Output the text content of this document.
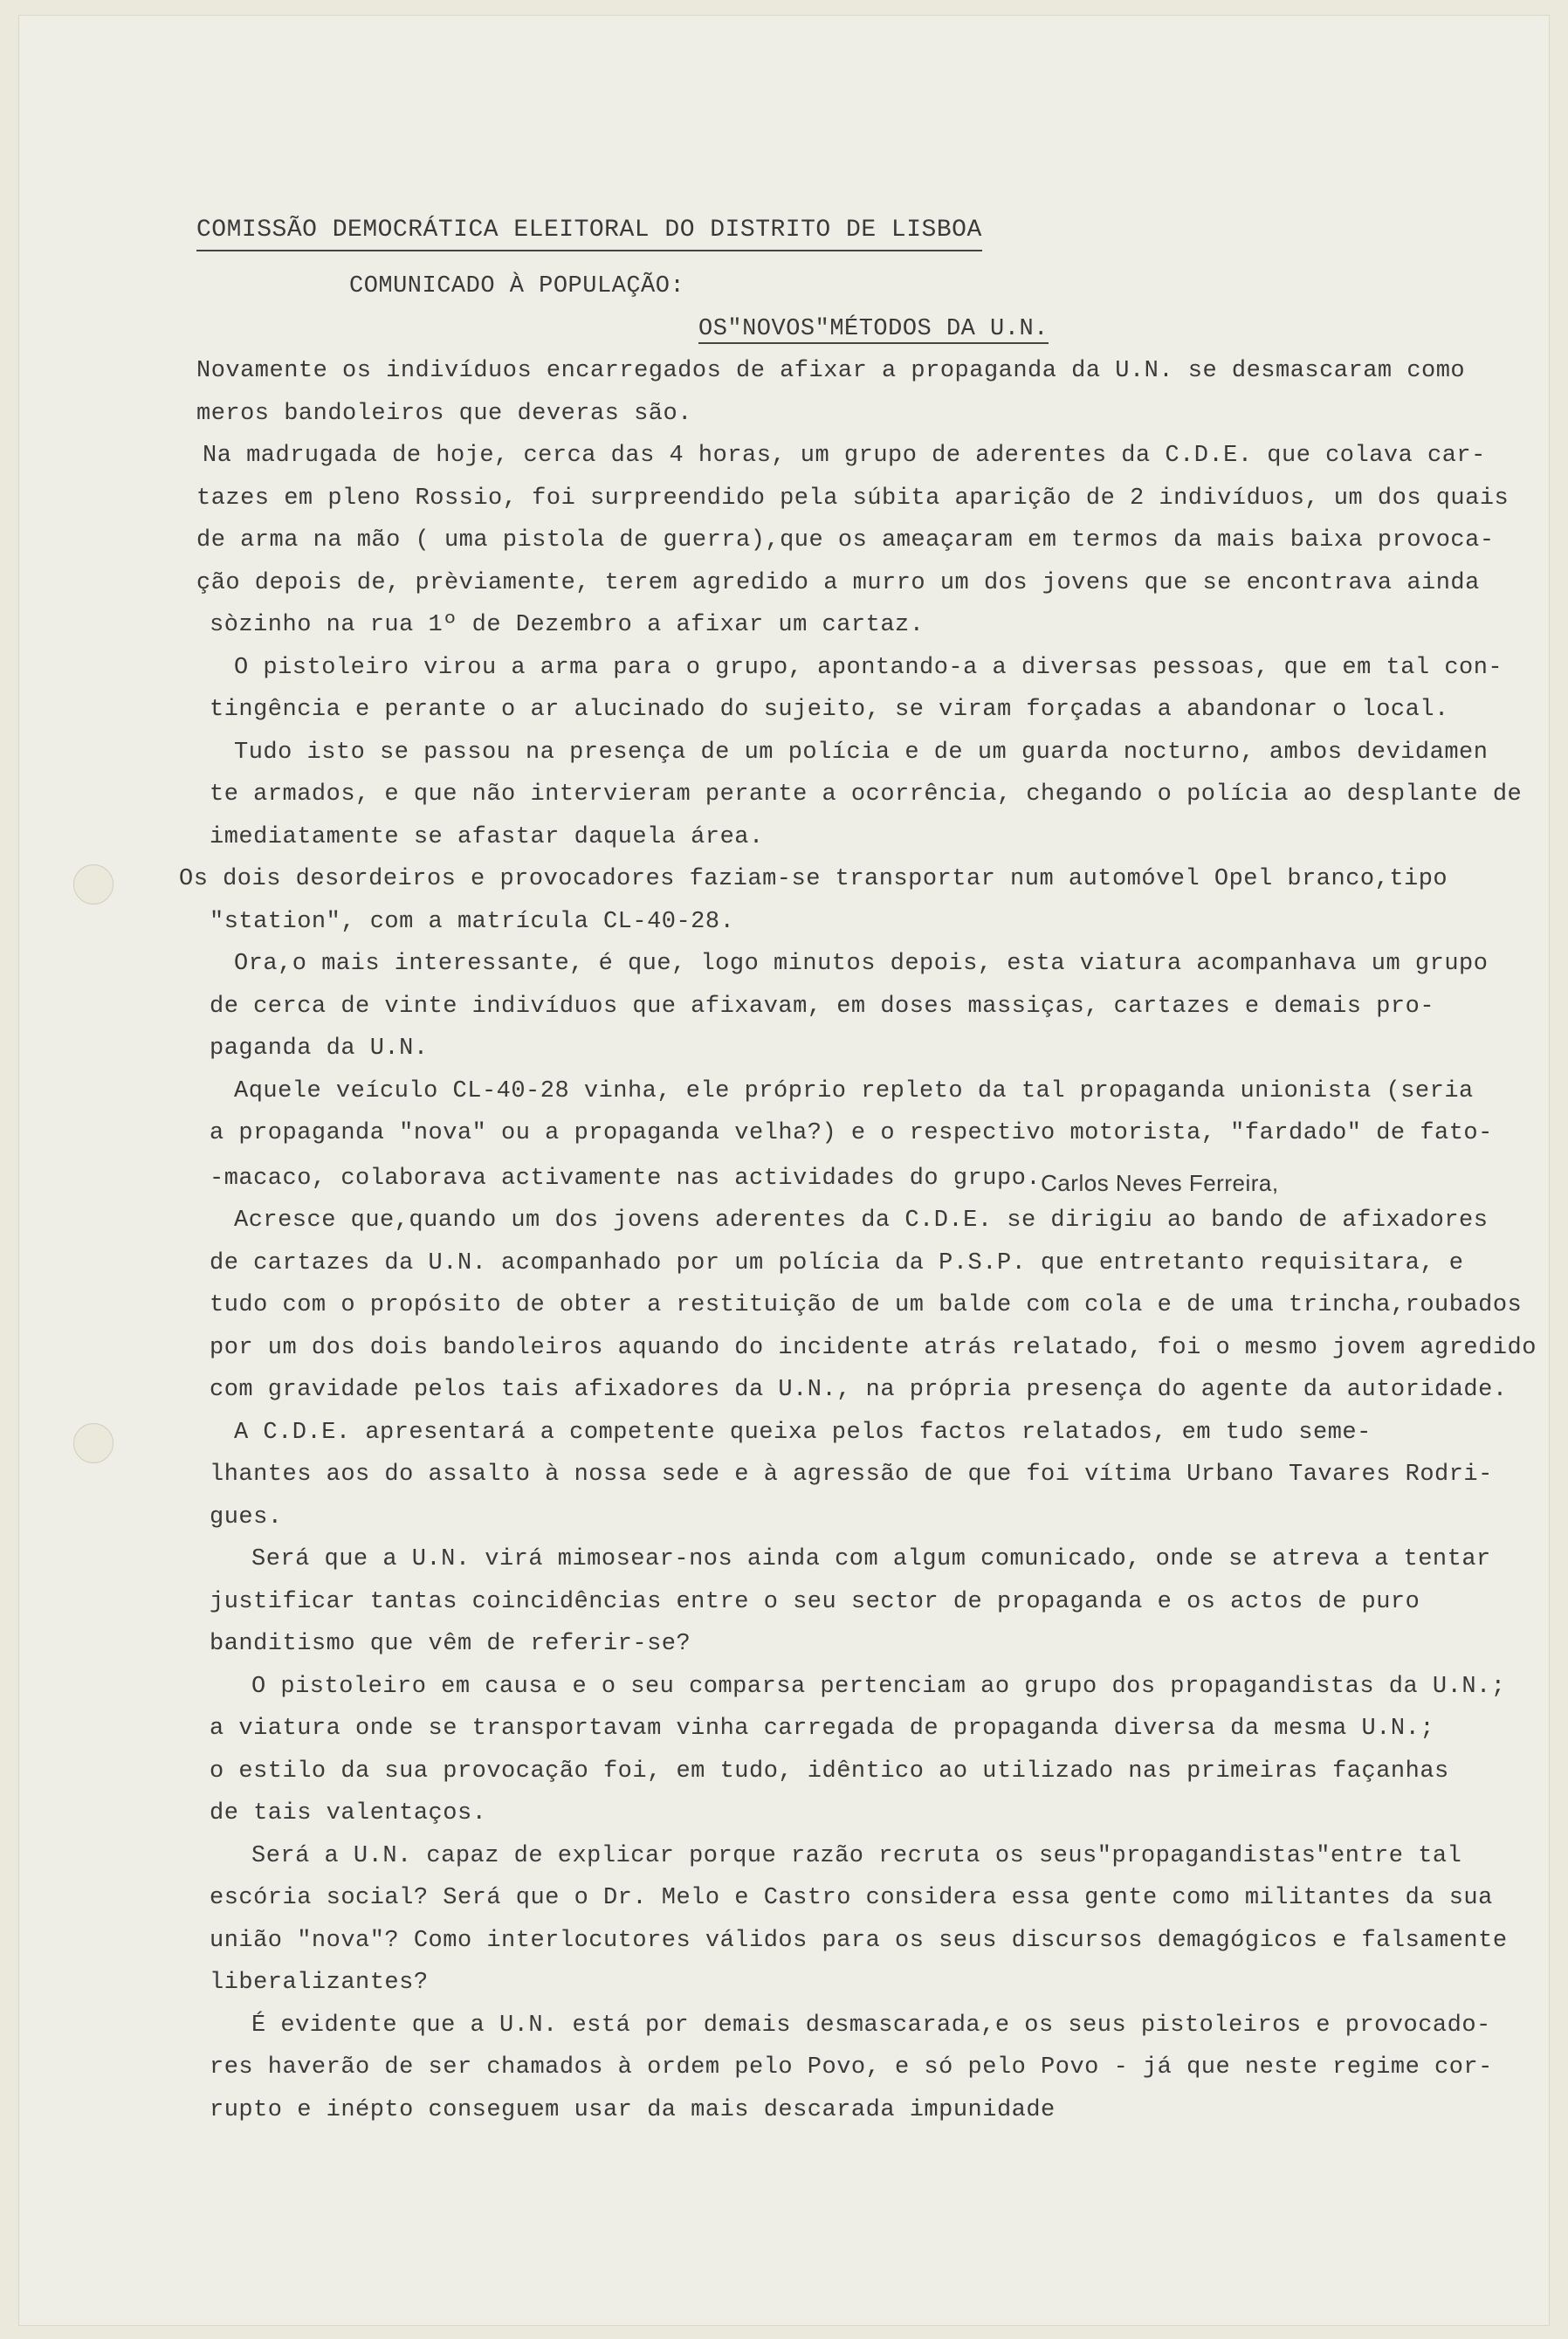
COMISSÃO DEMOCRÁTICA ELEITORAL DO DISTRITO DE LISBOA
COMUNICADO À POPULAÇÃO:
OS"NOVOS"MÉTODOS DA U.N.
Novamente os indivíduos encarregados de afixar a propaganda da U.N. se desmascaram como
meros bandoleiros que deveras são.
Na madrugada de hoje, cerca das 4 horas, um grupo de aderentes da C.D.E. que colava car-
tazes em pleno Rossio, foi surpreendido pela súbita aparição de 2 indivíduos, um dos quais
de arma na mão ( uma pistola de guerra),que os ameaçaram em termos da mais baixa provoca-
ção depois de, prèviamente, terem agredido a murro um dos jovens que se encontrava ainda
sòzinho na rua 1º de Dezembro a afixar um cartaz.
O pistoleiro virou a arma para o grupo, apontando-a a diversas pessoas, que em tal con-
tingência e perante o ar alucinado do sujeito, se viram forçadas a abandonar o local.
Tudo isto se passou na presença de um polícia e de um guarda nocturno, ambos devidamen
te armados, e que não intervieram perante a ocorrência, chegando o polícia ao desplante de
imediatamente se afastar daquela área.
Os dois desordeiros e provocadores faziam-se transportar num automóvel Opel branco,tipo
"station", com a matrícula CL-40-28.
Ora,o mais interessante, é que, logo minutos depois, esta viatura acompanhava um grupo
de cerca de vinte indivíduos que afixavam, em doses massiças, cartazes e demais pro-
paganda da U.N.
Aquele veículo CL-40-28 vinha, ele próprio repleto da tal propaganda unionista (seria
a propaganda "nova" ou a propaganda velha?) e o respectivo motorista, "fardado" de fato-
-macaco, colaborava activamente nas actividades do grupo.Carlos Neves Ferreira,
Acresce que,quando um dos jovens aderentes da C.D.E. se dirigiu ao bando de afixadores
de cartazes da U.N. acompanhado por um polícia da P.S.P. que entretanto requisitara, e
tudo com o propósito de obter a restituição de um balde com cola e de uma trincha,roubados
por um dos dois bandoleiros aquando do incidente atrás relatado, foi o mesmo jovem agredido
com gravidade pelos tais afixadores da U.N., na própria presença do agente da autoridade.
A C.D.E. apresentará a competente queixa pelos factos relatados, em tudo seme-
lhantes aos do assalto à nossa sede e à agressão de que foi vítima Urbano Tavares Rodri-
gues.
Será que a U.N. virá mimosear-nos ainda com algum comunicado, onde se atreva a tentar
justificar tantas coincidências entre o seu sector de propaganda e os actos de puro
banditismo que vêm de referir-se?
O pistoleiro em causa e o seu comparsa pertenciam ao grupo dos propagandistas da U.N.;
a viatura onde se transportavam vinha carregada de propaganda diversa da mesma U.N.;
o estilo da sua provocação foi, em tudo, idêntico ao utilizado nas primeiras façanhas
de tais valentaços.
Será a U.N. capaz de explicar porque razão recruta os seus"propagandistas"entre tal
escória social? Será que o Dr. Melo e Castro considera essa gente como militantes da sua
união "nova"? Como interlocutores válidos para os seus discursos demagógicos e falsamente
liberalizantes?
É evidente que a U.N. está por demais desmascarada,e os seus pistoleiros e provocado-
res haverão de ser chamados à ordem pelo Povo, e só pelo Povo - já que neste regime cor-
rupto e inépto conseguem usar da mais descarada impunidade
